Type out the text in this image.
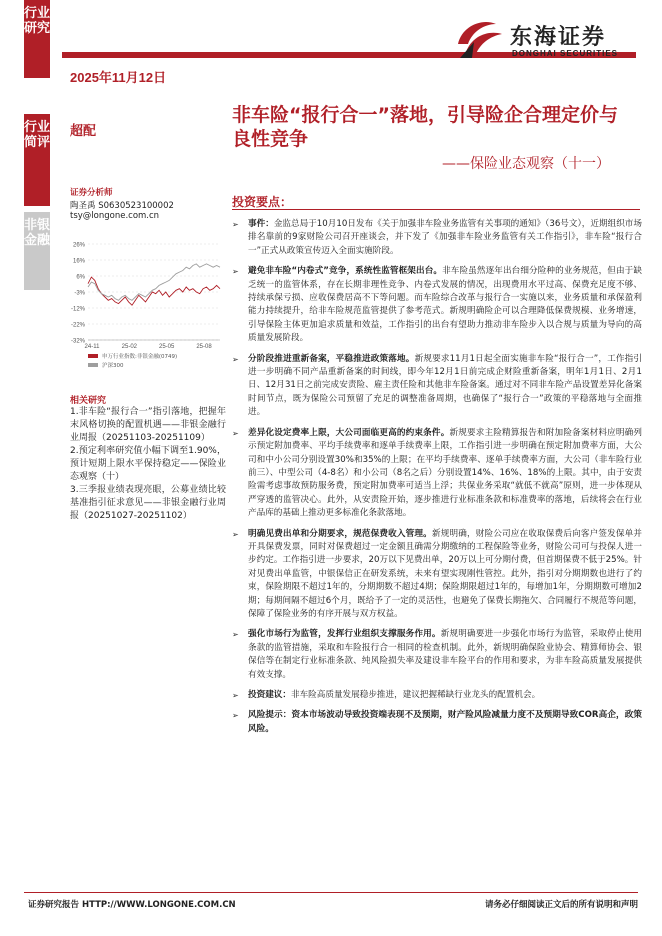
行业研究
行业简评
非银金融
东海证券
DONGHAI SECURITIES
2025年11月12日
超配
非车险“报行合一”落地，引导险企合理定价与良性竞争
——保险业态观察（十一）
证券分析师
陶圣禹 S0630523100002
tsy@longone.com.cn
26%
16%
6%
-3%
-12%
-22%
-32%
24-11	25-02	25-05	25-08
申万行业指数:非银金融(0749)
沪深300
相关研究
1.非车险“报行合一”指引落地，把握年末风格切换的配置机遇——非银金融行业周报（20251103-20251109）
2.预定利率研究值小幅下调至1.90%，预计短期上限水平保持稳定——保险业态观察（十）
3.三季报业绩表现亮眼，公募业绩比较基准指引征求意见——非银金融行业周报（20251027-20251102）
投资要点：
➢ 事件：金监总局于10月10日发布《关于加强非车险业务监管有关事项的通知》（36号文），近期组织市场排名靠前的9家财险公司召开座谈会，并下发了《加强非车险业务监管有关工作指引》，非车险“报行合一”正式从政策宣传迈入全面实施阶段。
➢ 避免非车险“内卷式”竞争，系统性监管框架出台。非车险虽然逐年出台细分险种的业务规范，但由于缺乏统一的监管体系，存在长期非理性竞争、内卷式发展的情况，出现费用水平过高、保费充足度不够、持续承保亏损、应收保费居高不下等问题。而车险综合改革与报行合一实施以来，业务质量和承保盈利能力持续提升，给非车险规范监管提供了参考范式。新规明确险企可以合理降低保费规模、业务增速，引导保险主体更加追求质量和效益，工作指引的出台有望助力推动非车险步入以合规与质量为导向的高质量发展阶段。
➢ 分阶段推进重新备案，平稳推进政策落地。新规要求11月1日起全面实施非车险“报行合一”，工作指引进一步明确不同产品重新备案的时间线，即今年12月1日前完成企财险重新备案，明年1月1日、2月1日、12月31日之前完成安责险、雇主责任险和其他非车险备案。通过对不同非车险产品设置差异化备案时间节点，既为保险公司预留了充足的调整准备周期，也确保了“报行合一”政策的平稳落地与全面推进。
➢ 差异化设定费率上限，大公司面临更高的约束条件。新规要求主险精算报告和附加险备案材料应明确列示预定附加费率、平均手续费率和逐单手续费率上限，工作指引进一步明确在预定附加费率方面，大公司和中小公司分别设置30%和35%的上限；在平均手续费率、逐单手续费率方面，大公司（非车险行业前三）、中型公司（4-8名）和小公司（8名之后）分别设置14%、16%、18%的上限。其中，由于安责险需考虑事故预防服务费，预定附加费率可适当上浮；共保业务采取“就低不就高”原则，进一步体现从严穿透的监管决心。此外，从安责险开始，逐步推进行业标准条款和标准费率的落地，后续将会在行业产品库的基础上推动更多标准化条款落地。
➢ 明确见费出单和分期要求，规范保费收入管理。新规明确，财险公司应在收取保费后向客户签发保单并开具保费发票，同时对保费超过一定金额且确需分期缴纳的工程保险等业务，财险公司可与投保人进一步约定。工作指引进一步要求，20万以下见费出单，20万以上可分期付费，但首期保费不低于25%。针对见费出单监管，中银保信正在研发系统，未来有望实现刚性管控。此外，指引对分期期数也进行了约束，保险期限不超过1年的，分期期数不超过4期；保险期限超过1年的，每增加1年，分期期数可增加2期；每期间隔不超过6个月，既给予了一定的灵活性，也避免了保费长期拖欠、合同履行不规范等问题，保障了保险业务的有序开展与双方权益。
➢ 强化市场行为监管，发挥行业组织支撑服务作用。新规明确要进一步强化市场行为监管，采取停止使用条款的监管措施，采取和车险报行合一相同的检查机制。此外，新规明确保险业协会、精算师协会、银保信等在制定行业标准条款、纯风险损失率及建设非车险平台的作用和要求，为非车险高质量发展提供有效支撑。
➢ 投资建议：非车险高质量发展稳步推进，建议把握稀缺行业龙头的配置机会。
➢ 风险提示：资本市场波动导致投资端表现不及预期，财产险风险减量力度不及预期导致COR高企，政策风险。
证券研究报告 HTTP://WWW.LONGONE.COM.CN	请务必仔细阅读正文后的所有说明和声明
